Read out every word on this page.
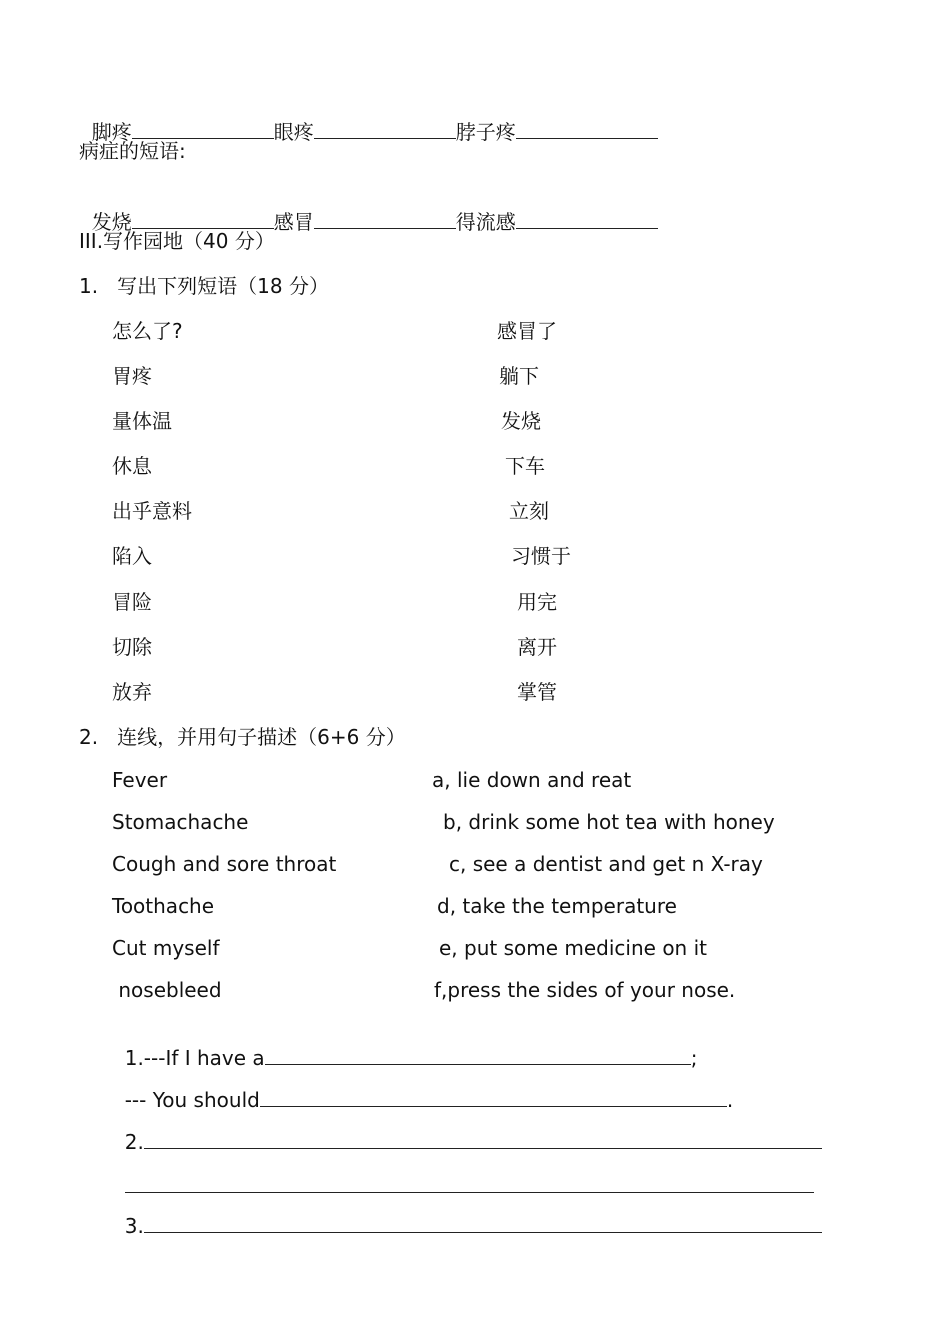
脚疼	眼疼	脖子疼

病症的短语:

发烧	感冒	得流感

III.写作园地（40 分）
1.   写出下列短语（18 分）
怎么了?	感冒了
胃疼	躺下
量体温	发烧
休息	下车
出乎意料	立刻
陷入	习惯于
冒险	用完
切除	离开
放弃	掌管
2.   连线，并用句子描述（6+6 分）
Fever	a, lie down and reat
Stomachache	b, drink some hot tea with honey
Cough and sore throat	c, see a dentist and get n X-ray
Toothache	d, take the temperature
Cut myself	e, put some medicine on it
nosebleed	f,press the sides of your nose.

1.---If I have a	;

--- You should	.

2.

3.
